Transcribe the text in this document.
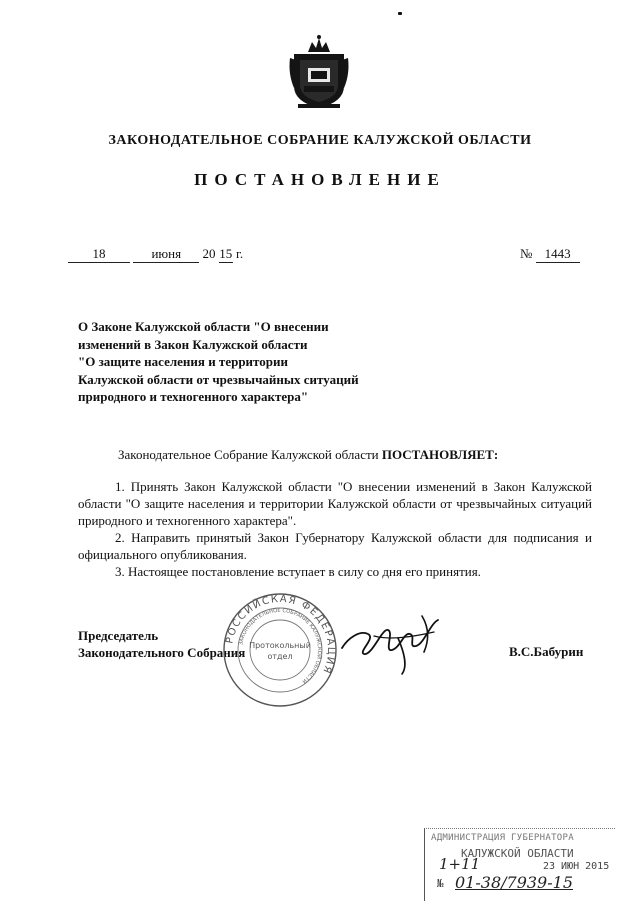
ЗАКОНОДАТЕЛЬНОЕ СОБРАНИЕ КАЛУЖСКОЙ ОБЛАСТИ
ПОСТАНОВЛЕНИЕ
18	июня 20 15 г.	№ 1443
О Законе Калужской области "О внесении
изменений в Закон Калужской области
"О защите населения и территории
Калужской области от чрезвычайных ситуаций
природного и техногенного характера"
Законодательное Собрание Калужской области ПОСТАНОВЛЯЕТ:

1. Принять Закон Калужской области "О внесении изменений в Закон Калужской области "О защите населения и территории Калужской области от чрезвычайных ситуаций природного и техногенного характера".

2. Направить принятый Закон Губернатору Калужской области для подписания и официального опубликования.

3. Настоящее постановление вступает в силу со дня его принятия.

Председатель
Законодательного Собрания
РОССИЙСКАЯ ФЕДЕРАЦИЯ
ЗАКОНОДАТЕЛЬНОЕ СОБРАНИЕ КАЛУЖСКОЙ ОБЛАСТИ
Протокольный
отдел	В.С.Бабурин
АДМИНИСТРАЦИЯ ГУБЕРНАТОРА
КАЛУЖСКОЙ ОБЛАСТИ
1+11	23 ИЮН 2015
№ 01-38/7939-15
